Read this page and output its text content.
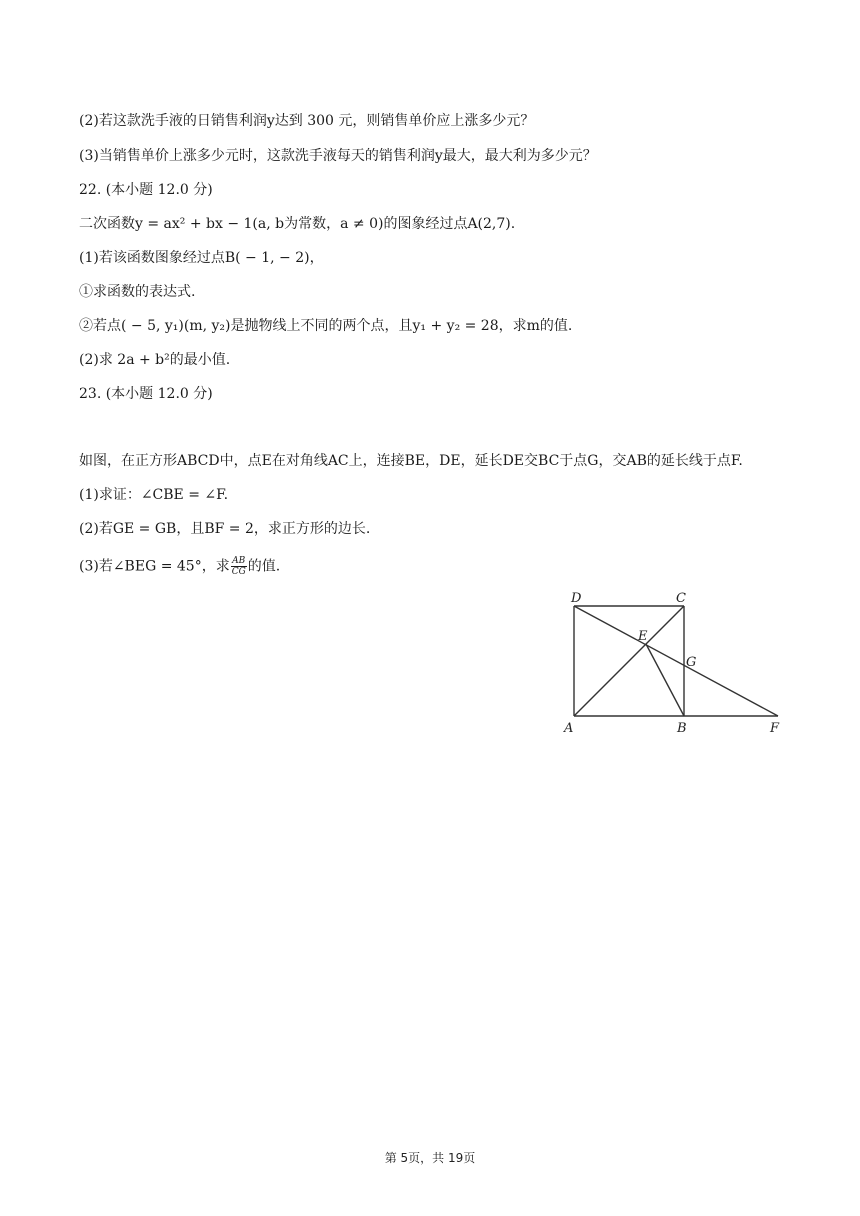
(2)若这款洗手液的日销售利润y达到 300 元，则销售单价应上涨多少元？
(3)当销售单价上涨多少元时，这款洗手液每天的销售利润y最大，最大利为多少元？
22. (本小题 12.0 分)
二次函数y = ax² + bx − 1(a, b为常数，a ≠ 0)的图象经过点A(2,7).
(1)若该函数图象经过点B( − 1, − 2)，
①求函数的表达式.
②若点( − 5, y₁)(m, y₂)是抛物线上不同的两个点，且y₁ + y₂ = 28，求m的值.
(2)求 2a + b²的最小值.
23. (本小题 12.0 分)
如图，在正方形ABCD中，点E在对角线AC上，连接BE，DE，延长DE交BC于点G，交AB的延长线于点F.
(1)求证：∠CBE = ∠F.
(2)若GE = GB，且BF = 2，求正方形的边长.
(3)若∠BEG = 45°，求 $\frac{AB}{CG}$ 的值.
D	C
E
G
A	B	F
第 5页，共 19页
